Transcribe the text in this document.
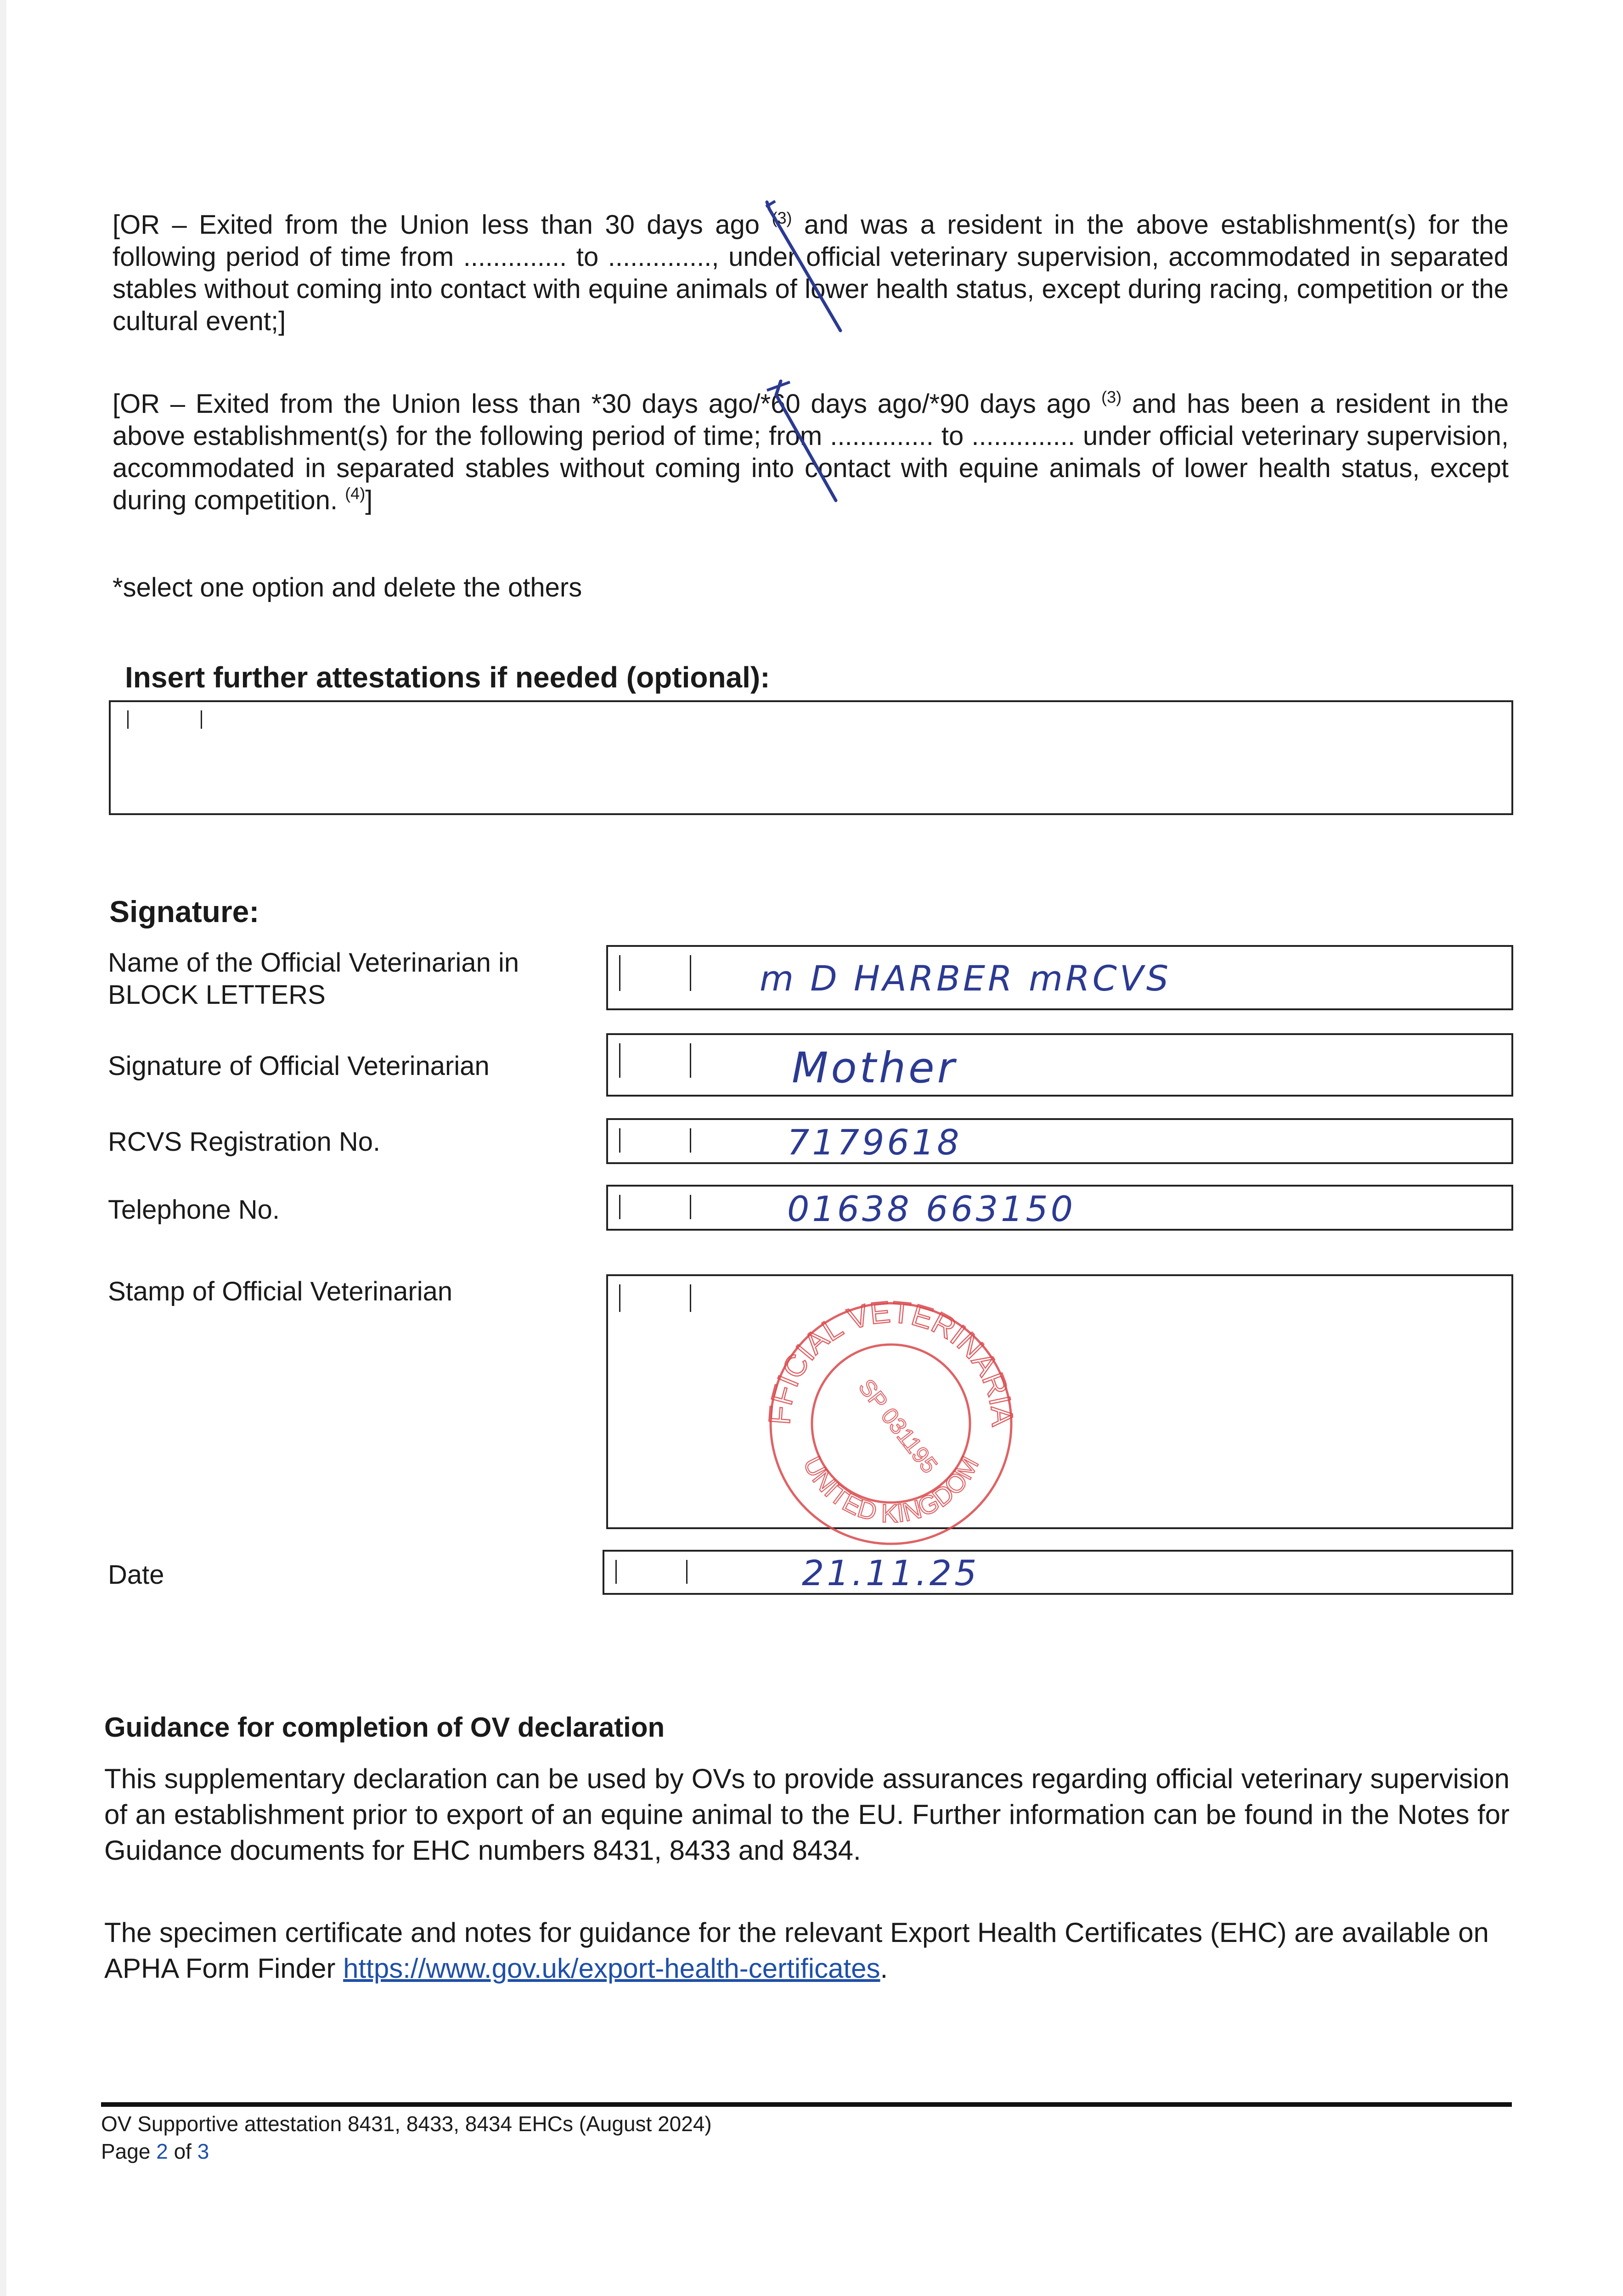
[OR – Exited from the Union less than 30 days ago $^{(3)}$ and was a resident in the above establishment(s) for the following period of time from .............. to .............., under official veterinary supervision, accommodated in separated stables without coming into contact with equine animals of lower health status, except during racing, competition or the cultural event;]

[OR – Exited from the Union less than *30 days ago/*60 days ago/*90 days ago $^{(3)}$ and has been a resident in the above establishment(s) for the following period of time; from .............. to .............. under official veterinary supervision, accommodated in separated stables without coming into contact with equine animals of lower health status, except during competition. $^{(4)}$]

*select one option and delete the others

Insert further attestations if needed (optional):

Signature:

Name of the Official Veterinarian in BLOCK LETTERS	m D HARBER mRCVS

Signature of Official Veterinarian	Mother

RCVS Registration No.	7179618

Telephone No.	01638 663150

Stamp of Official Veterinarian

FFICIAL VETERINARIA
UNITED KINGDOM
SP 031195

Date	21.11.25

Guidance for completion of OV declaration

This supplementary declaration can be used by OVs to provide assurances regarding official veterinary supervision of an establishment prior to export of an equine animal to the EU. Further information can be found in the Notes for Guidance documents for EHC numbers 8431, 8433 and 8434.

The specimen certificate and notes for guidance for the relevant Export Health Certificates (EHC) are available on APHA Form Finder https://www.gov.uk/export-health-certificates.

OV Supportive attestation 8431, 8433, 8434 EHCs (August 2024)
Page 2 of 3
